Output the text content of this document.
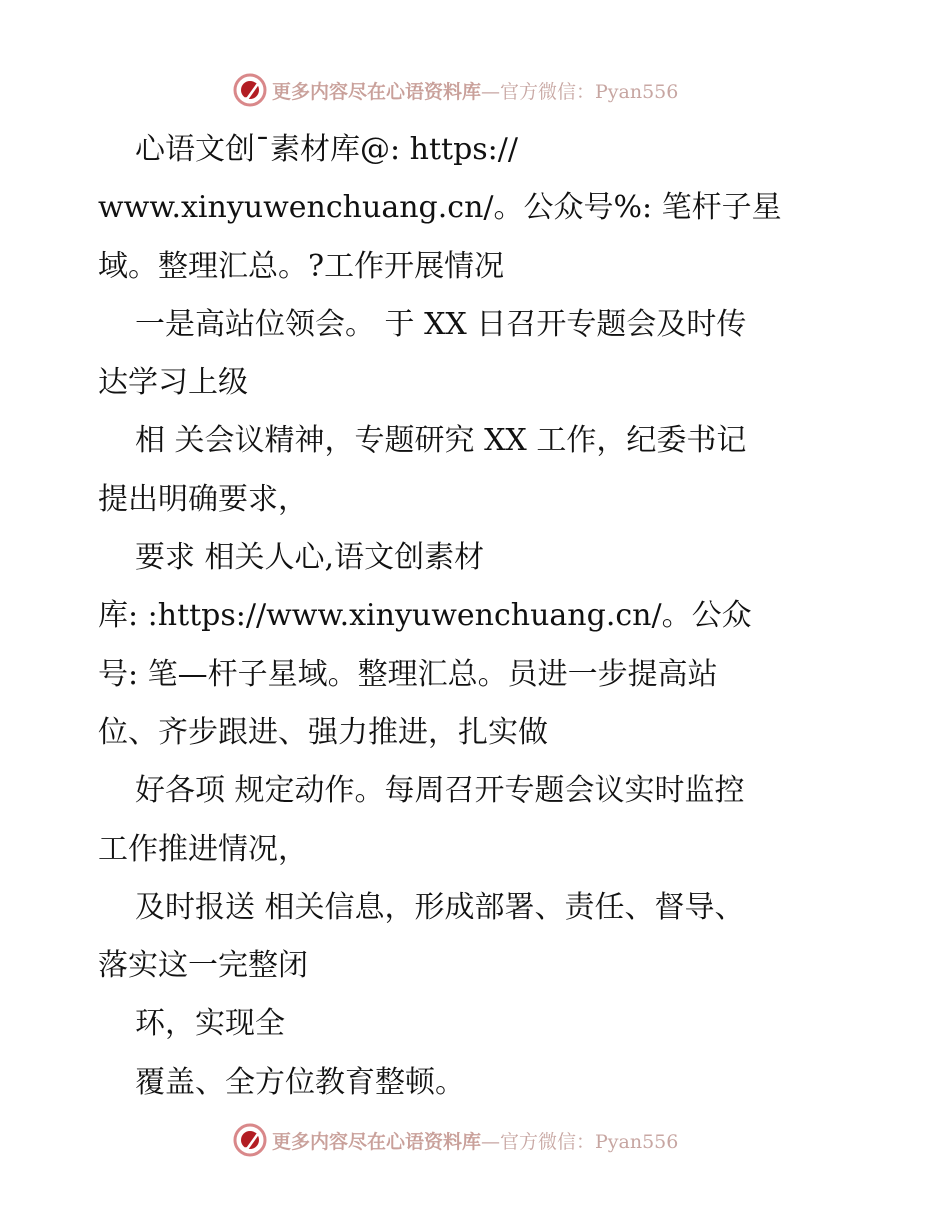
更多内容尽在心语资料库—官方微信：Pyan556
心语文创¯素材库@: https://
www.xinyuwenchuang.cn/。公众号%: 笔杆子星
域。整理汇总。?工作开展情况
一是高站位领会。 于 XX 日召开专题会及时传
达学习上级
相 关会议精神，专题研究 XX 工作，纪委书记
提出明确要求，
要求 相关人心,语文创素材
库: :https://www.xinyuwenchuang.cn/。公众
号: 笔—杆子星域。整理汇总。员进一步提高站
位、齐步跟进、强力推进，扎实做
好各项 规定动作。每周召开专题会议实时监控
工作推进情况，
及时报送 相关信息，形成部署、责任、督导、
落实这一完整闭
环，实现全
覆盖、全方位教育整顿。
更多内容尽在心语资料库—官方微信：Pyan556
